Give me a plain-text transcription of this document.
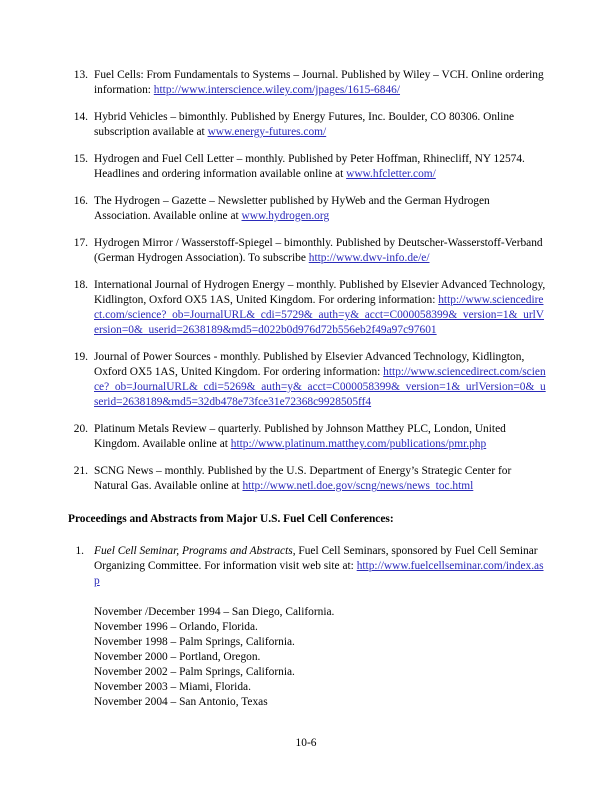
13. Fuel Cells: From Fundamentals to Systems – Journal. Published by Wiley – VCH. Online ordering information: http://www.interscience.wiley.com/jpages/1615-6846/
14. Hybrid Vehicles – bimonthly. Published by Energy Futures, Inc. Boulder, CO 80306. Online subscription available at www.energy-futures.com/
15. Hydrogen and Fuel Cell Letter – monthly. Published by Peter Hoffman, Rhinecliff, NY 12574. Headlines and ordering information available online at www.hfcletter.com/
16. The Hydrogen – Gazette – Newsletter published by HyWeb and the German Hydrogen Association. Available online at www.hydrogen.org
17. Hydrogen Mirror / Wasserstoff-Spiegel – bimonthly. Published by Deutscher-Wasserstoff-Verband (German Hydrogen Association). To subscribe http://www.dwv-info.de/e/
18. International Journal of Hydrogen Energy – monthly. Published by Elsevier Advanced Technology, Kidlington, Oxford OX5 1AS, United Kingdom. For ordering information: http://www.sciencedirect.com/science?_ob=JournalURL&_cdi=5729&_auth=y&_acct=C000058399&_version=1&_urlVersion=0&_userid=2638189&md5=d022b0d976d72b556eb2f49a97c97601
19. Journal of Power Sources - monthly. Published by Elsevier Advanced Technology, Kidlington, Oxford OX5 1AS, United Kingdom. For ordering information: http://www.sciencedirect.com/science?_ob=JournalURL&_cdi=5269&_auth=y&_acct=C000058399&_version=1&_urlVersion=0&_userid=2638189&md5=32db478e73fce31e72368c9928505ff4
20. Platinum Metals Review – quarterly. Published by Johnson Matthey PLC, London, United Kingdom. Available online at http://www.platinum.matthey.com/publications/pmr.php
21. SCNG News – monthly. Published by the U.S. Department of Energy’s Strategic Center for Natural Gas. Available online at http://www.netl.doe.gov/scng/news/news_toc.html
Proceedings and Abstracts from Major U.S. Fuel Cell Conferences:
1. Fuel Cell Seminar, Programs and Abstracts, Fuel Cell Seminars, sponsored by Fuel Cell Seminar Organizing Committee. For information visit web site at: http://www.fuelcellseminar.com/index.asp
November /December 1994 – San Diego, California.
November 1996 – Orlando, Florida.
November 1998 – Palm Springs, California.
November 2000 – Portland, Oregon.
November 2002 – Palm Springs, California.
November 2003 – Miami, Florida.
November 2004 – San Antonio, Texas
10-6
